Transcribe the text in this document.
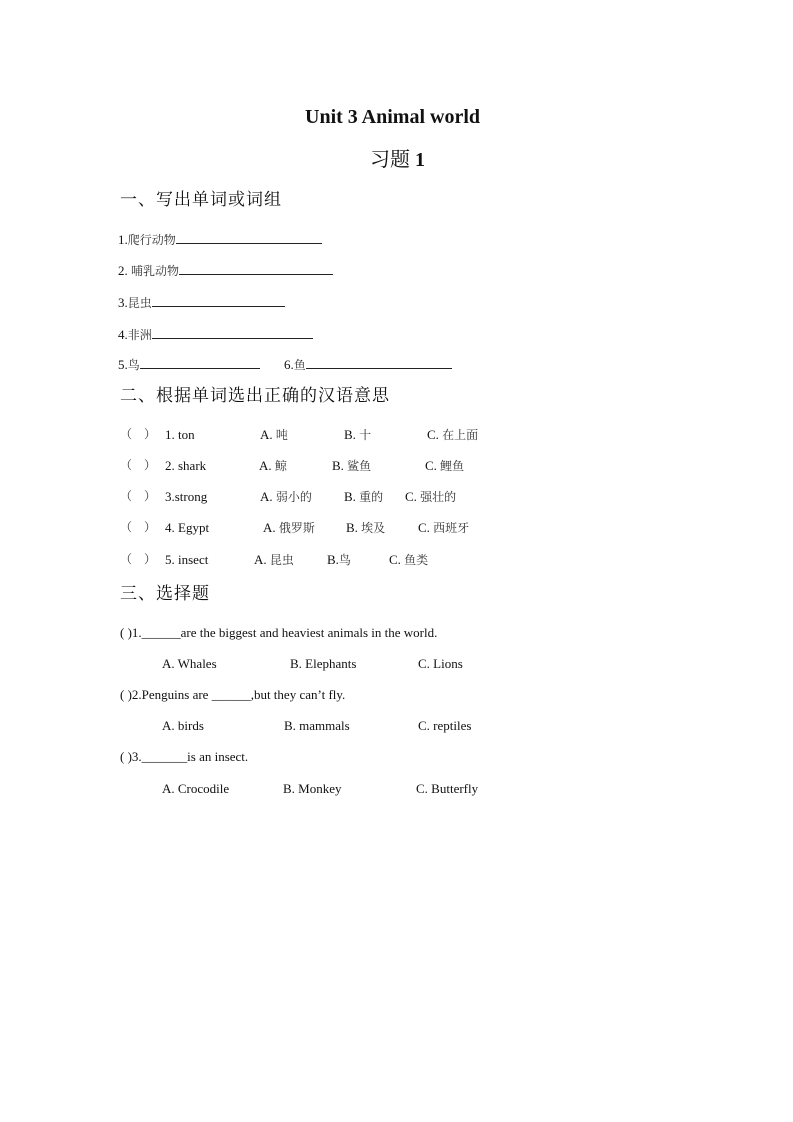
Unit 3 Animal world
习题 1
一、写出单词或词组
1.爬行动物
2. 哺乳动物
3.昆虫
4.非洲
5.鸟	6.鱼
二、根据单词选出正确的汉语意思
（　） 1. ton	A. 吨	B. 十	C. 在上面
（　） 2. shark	A. 鲸	B. 鲨鱼	C. 鲤鱼
（　） 3.strong	A. 弱小的 B. 重的 C. 强壮的
（　） 4. Egypt	A. 俄罗斯 B. 埃及	C. 西班牙
（　） 5. insect	A. 昆虫	B.鸟	C. 鱼类
三、选择题
( )1.______are the biggest and heaviest animals in the world.
A. Whales	B. Elephants	C. Lions
( )2.Penguins are ______,but they can’t fly.
A. birds	B. mammals	C. reptiles
( )3._______is an insect.
A. Crocodile	B. Monkey	C. Butterfly
